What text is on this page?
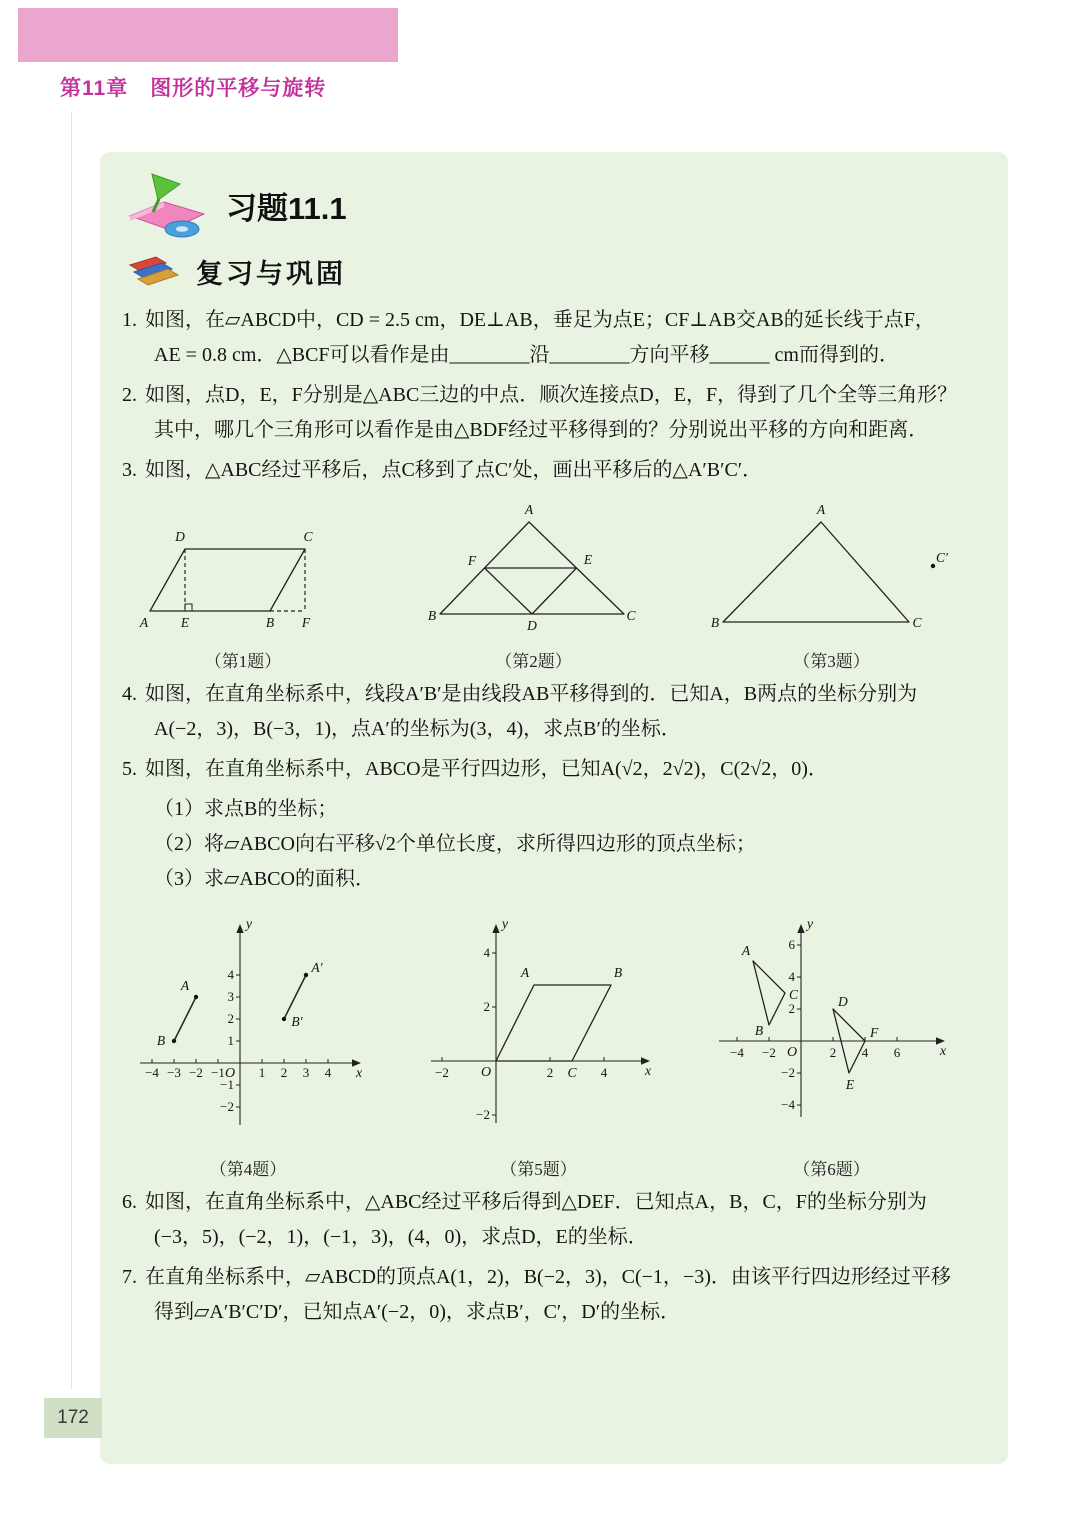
第11章　图形的平移与旋转
习题11.1
复习与巩固

1. 如图，在▱ABCD中，CD = 2.5 cm，DE⊥AB，垂足为点E；CF⊥AB交AB的延长线于点F，AE = 0.8 cm．△BCF可以看作是由________沿________方向平移______ cm而得到的．

2. 如图，点D，E，F分别是△ABC三边的中点．顺次连接点D，E，F，得到了几个全等三角形？其中，哪几个三角形可以看作是由△BDF经过平移得到的？分别说出平移的方向和距离．

3. 如图，△ABC经过平移后，点C移到了点C′处，画出平移后的△A′B′C′．

D	C
A E	B F
（第1题）
A
B	C
F	E
D
（第2题）
A
B	C
C′
（第3题）

4. 如图，在直角坐标系中，线段A′B′是由线段AB平移得到的．已知A，B两点的坐标分别为A(−2，3)，B(−3，1)，点A′的坐标为(3，4)，求点B′的坐标．

5. 如图，在直角坐标系中，ABCO是平行四边形，已知A(√2，2√2)，C(2√2，0)．

（1）求点B的坐标；
（2）将▱ABCO向右平移√2个单位长度，求所得四边形的顶点坐标；
（3）求▱ABCO的面积．
−4 −3 −2 −1	1 2 3 4
4
3
2
1
−1
−2
O	x
y
A
B
A′
B′
（第4题）
−2	2	4
4
2
−2
O	x
y
A	B
C
（第5题）
−4 −2	2 4 6
6
4
2
−2
−4
O	x
y
A
B
C	D
E
F
（第6题）

6. 如图，在直角坐标系中，△ABC经过平移后得到△DEF．已知点A，B，C，F的坐标分别为(−3，5)，(−2，1)，(−1，3)，(4，0)，求点D，E的坐标．

7. 在直角坐标系中，▱ABCD的顶点A(1，2)，B(−2，3)，C(−1，−3)．由该平行四边形经过平移得到▱A′B′C′D′，已知点A′(−2，0)，求点B′，C′，D′的坐标．

172
